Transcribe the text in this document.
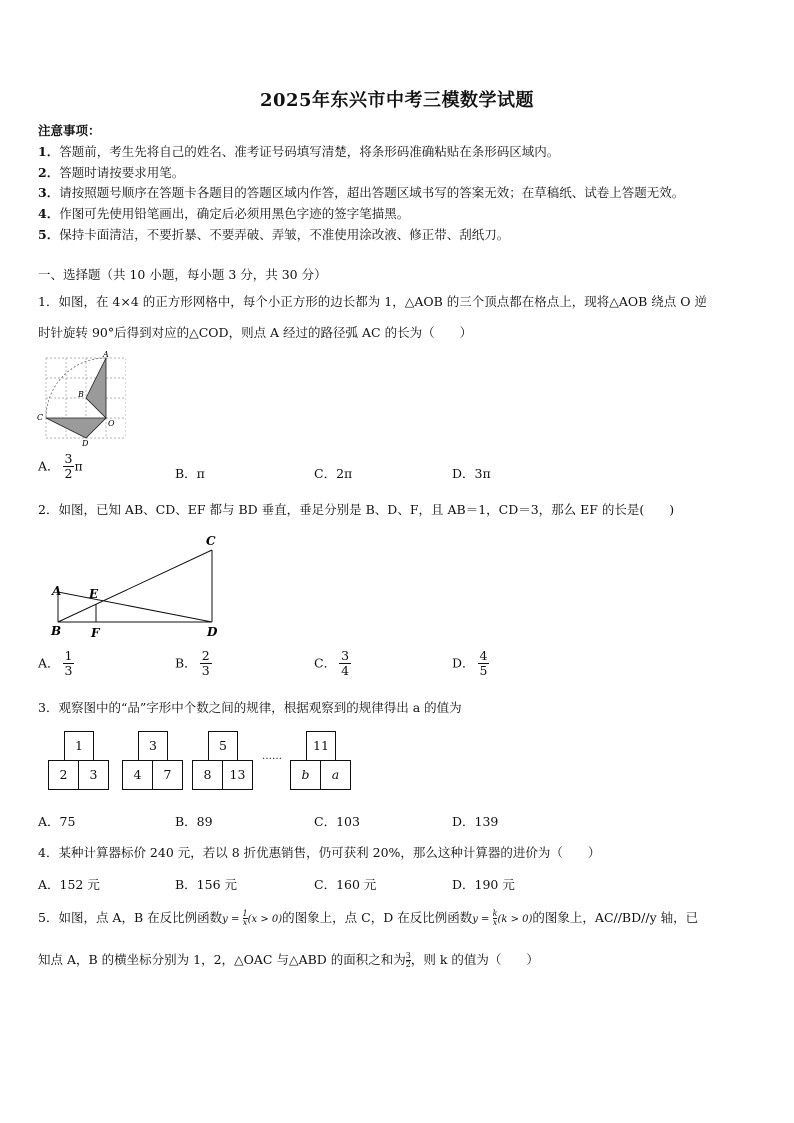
2025年东兴市中考三模数学试题
注意事项：
1．答题前，考生先将自己的姓名、准考证号码填写清楚，将条形码准确粘贴在条形码区域内。
2．答题时请按要求用笔。
3．请按照题号顺序在答题卡各题目的答题区域内作答，超出答题区域书写的答案无效；在草稿纸、试卷上答题无效。
4．作图可先使用铅笔画出，确定后必须用黑色字迹的签字笔描黑。
5．保持卡面清洁，不要折暴、不要弄破、弄皱，不准使用涂改液、修正带、刮纸刀。
一、选择题（共 10 小题，每小题 3 分，共 30 分）
1．如图，在 4×4 的正方形网格中，每个小正方形的边长都为 1，△AOB 的三个顶点都在格点上，现将△AOB 绕点 O 逆
时针旋转 90°后得到对应的△COD，则点 A 经过的路径弧 AC 的长为（　　）
A
B
C
D
O
A． $\frac{3}{2}$ π
B．π	C．2π	D．3π
2．如图，已知 AB、CD、EF 都与 BD 垂直，垂足分别是 B、D、F，且 AB＝1，CD＝3，那么 EF 的长是(　　)
A
B
C
D
E
F
A． $\frac{1}{3}$	B． $\frac{2}{3}$	C． $\frac{3}{4}$	D． $\frac{4}{5}$
3．观察图中的“品”字形中个数之间的规律，根据观察到的规律得出 a 的值为
1
2	3
3
4	7
5
8	13
……
11
b	a
A．75	B．89	C．103	D．139
4．某种计算器标价 240 元，若以 8 折优惠销售，仍可获利 20%，那么这种计算器的进价为（　　）
A．152 元	B．156 元	C．160 元	D．190 元
5．如图，点 A，B 在反比例函数$y = \frac{1}{x} (x > 0)$的图象上，点 C，D 在反比例函数$y = \frac{k}{x} (k > 0)$的图象上，AC//BD//y 轴，已
知点 A，B 的横坐标分别为 1，2，△OAC 与△ABD 的面积之和为 $\frac{3}{2}$ ，则 k 的值为（　　）
